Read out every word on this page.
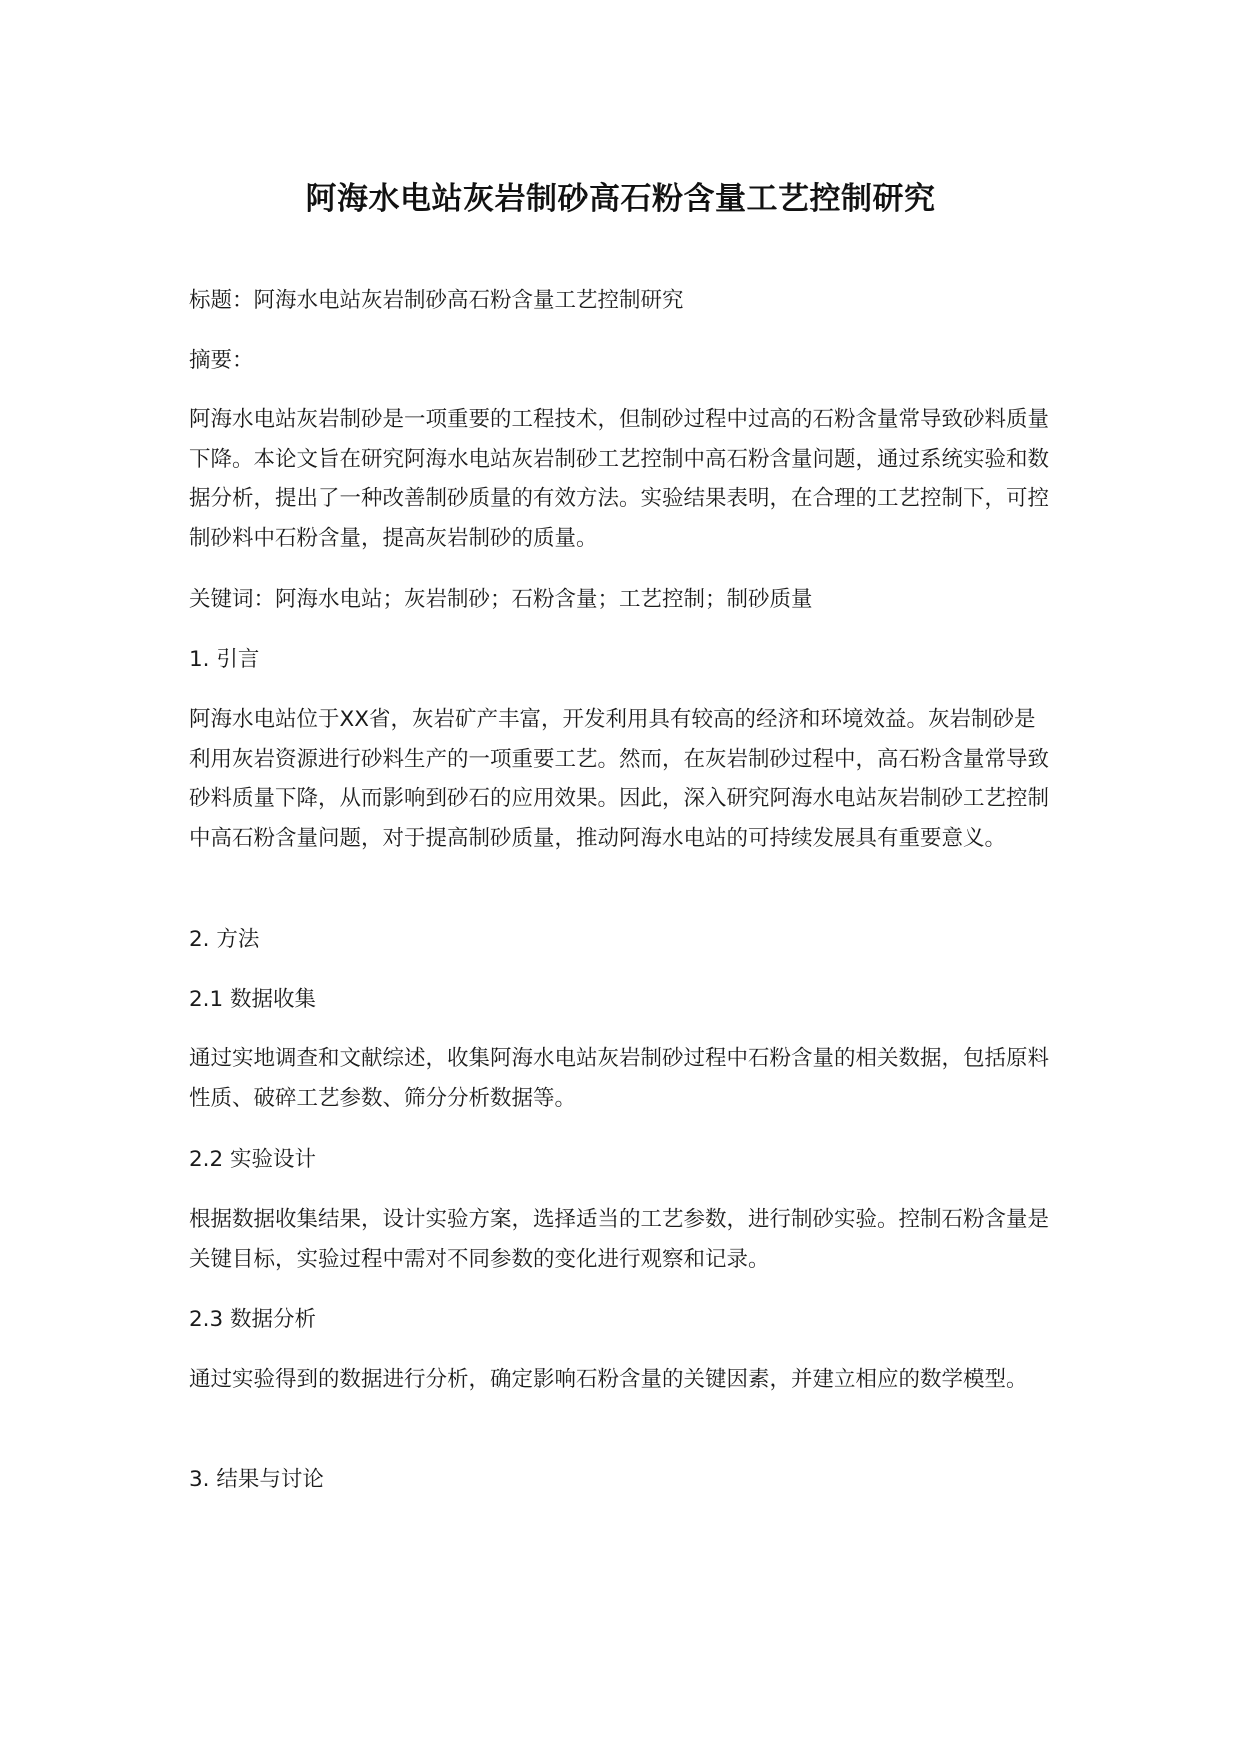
阿海水电站灰岩制砂高石粉含量工艺控制研究

标题：阿海水电站灰岩制砂高石粉含量工艺控制研究

摘要：

阿海水电站灰岩制砂是一项重要的工程技术，但制砂过程中过高的石粉含量常导致砂料质量下降。本论文旨在研究阿海水电站灰岩制砂工艺控制中高石粉含量问题，通过系统实验和数据分析，提出了一种改善制砂质量的有效方法。实验结果表明，在合理的工艺控制下，可控制砂料中石粉含量，提高灰岩制砂的质量。

关键词：阿海水电站；灰岩制砂；石粉含量；工艺控制；制砂质量

1. 引言

阿海水电站位于XX省，灰岩矿产丰富，开发利用具有较高的经济和环境效益。灰岩制砂是利用灰岩资源进行砂料生产的一项重要工艺。然而，在灰岩制砂过程中，高石粉含量常导致砂料质量下降，从而影响到砂石的应用效果。因此，深入研究阿海水电站灰岩制砂工艺控制中高石粉含量问题，对于提高制砂质量，推动阿海水电站的可持续发展具有重要意义。

2. 方法

2.1 数据收集

通过实地调查和文献综述，收集阿海水电站灰岩制砂过程中石粉含量的相关数据，包括原料性质、破碎工艺参数、筛分分析数据等。

2.2 实验设计

根据数据收集结果，设计实验方案，选择适当的工艺参数，进行制砂实验。控制石粉含量是关键目标，实验过程中需对不同参数的变化进行观察和记录。

2.3 数据分析

通过实验得到的数据进行分析，确定影响石粉含量的关键因素，并建立相应的数学模型。

3. 结果与讨论
